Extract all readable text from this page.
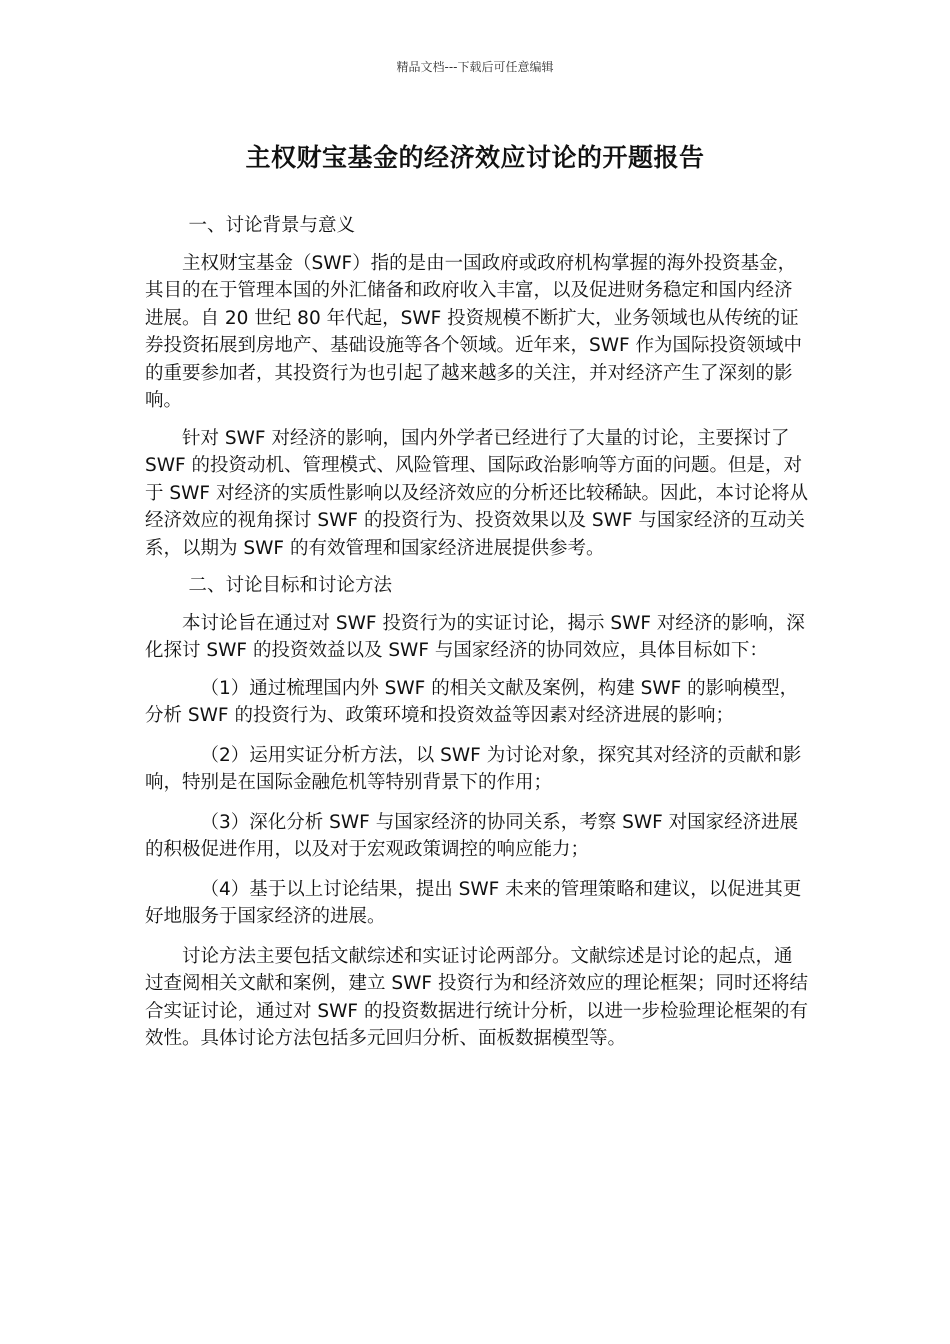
精品文档---下载后可任意编辑
主权财宝基金的经济效应讨论的开题报告
一、讨论背景与意义

主权财宝基金（SWF）指的是由一国政府或政府机构掌握的海外投资基金，其目的在于管理本国的外汇储备和政府收入丰富，以及促进财务稳定和国内经济进展。自 20 世纪 80 年代起，SWF 投资规模不断扩大，业务领域也从传统的证券投资拓展到房地产、基础设施等各个领域。近年来，SWF 作为国际投资领域中的重要参加者，其投资行为也引起了越来越多的关注，并对经济产生了深刻的影响。

针对 SWF 对经济的影响，国内外学者已经进行了大量的讨论，主要探讨了 SWF 的投资动机、管理模式、风险管理、国际政治影响等方面的问题。但是，对于 SWF 对经济的实质性影响以及经济效应的分析还比较稀缺。因此，本讨论将从经济效应的视角探讨 SWF 的投资行为、投资效果以及 SWF 与国家经济的互动关系，以期为 SWF 的有效管理和国家经济进展提供参考。

二、讨论目标和讨论方法

本讨论旨在通过对 SWF 投资行为的实证讨论，揭示 SWF 对经济的影响，深化探讨 SWF 的投资效益以及 SWF 与国家经济的协同效应，具体目标如下：

（1）通过梳理国内外 SWF 的相关文献及案例，构建 SWF 的影响模型，分析 SWF 的投资行为、政策环境和投资效益等因素对经济进展的影响；

（2）运用实证分析方法，以 SWF 为讨论对象，探究其对经济的贡献和影响，特别是在国际金融危机等特别背景下的作用；

（3）深化分析 SWF 与国家经济的协同关系，考察 SWF 对国家经济进展的积极促进作用，以及对于宏观政策调控的响应能力；

（4）基于以上讨论结果，提出 SWF 未来的管理策略和建议，以促进其更好地服务于国家经济的进展。

讨论方法主要包括文献综述和实证讨论两部分。文献综述是讨论的起点，通过查阅相关文献和案例，建立 SWF 投资行为和经济效应的理论框架；同时还将结合实证讨论，通过对 SWF 的投资数据进行统计分析，以进一步检验理论框架的有效性。具体讨论方法包括多元回归分析、面板数据模型等。
